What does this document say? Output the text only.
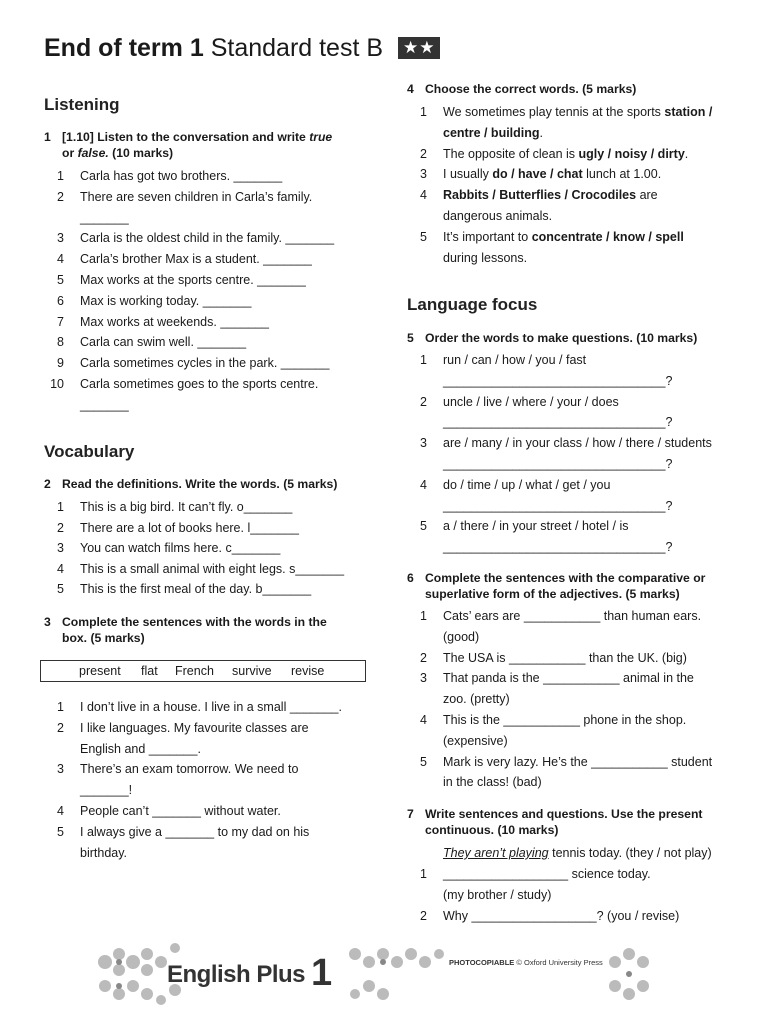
End of term 1 Standard test B ★★
Listening
1 [1.10] Listen to the conversation and write true
or false. (10 marks)
1 Carla has got two brothers. _______
2 There are seven children in Carla’s family.
_______
3 Carla is the oldest child in the family. _______
4 Carla’s brother Max is a student. _______
5 Max works at the sports centre. _______
6 Max is working today. _______
7 Max works at weekends. _______
8 Carla can swim well. _______
9 Carla sometimes cycles in the park. _______
10 Carla sometimes goes to the sports centre.
_______
Vocabulary
2 Read the definitions. Write the words. (5 marks)
1 This is a big bird. It can’t fly. o_______
2 There are a lot of books here. l_______
3 You can watch films here. c_______
4 This is a small animal with eight legs. s_______
5 This is the first meal of the day. b_______
3 Complete the sentences with the words in the
box. (5 marks)
present flat French survive revise
1 I don’t live in a house. I live in a small _______.
2 I like languages. My favourite classes are
English and _______.
3 There’s an exam tomorrow. We need to
_______!
4 People can’t _______ without water.
5 I always give a _______ to my dad on his
birthday.
4 Choose the correct words. (5 marks)
1 We sometimes play tennis at the sports station /
centre / building.
2 The opposite of clean is ugly / noisy / dirty.
3 I usually do / have / chat lunch at 1.00.
4 Rabbits / Butterflies / Crocodiles are
dangerous animals.
5 It’s important to concentrate / know / spell
during lessons.
Language focus
5 Order the words to make questions. (10 marks)
1 run / can / how / you / fast
________________________________?
2 uncle / live / where / your / does
________________________________?
3 are / many / in your class / how / there / students
________________________________?
4 do / time / up / what / get / you
________________________________?
5 a / there / in your street / hotel / is
________________________________?
6 Complete the sentences with the comparative or
superlative form of the adjectives. (5 marks)
1 Cats’ ears are ___________ than human ears.
(good)
2 The USA is ___________ than the UK. (big)
3 That panda is the ___________ animal in the
zoo. (pretty)
4 This is the ___________ phone in the shop.
(expensive)
5 Mark is very lazy. He’s the ___________ student
in the class! (bad)
7 Write sentences and questions. Use the present
continuous. (10 marks)
They aren’t playing tennis today. (they / not play)
1 __________________ science today.
(my brother / study)
2 Why __________________? (you / revise)
English Plus 1	PHOTOCOPIABLE © Oxford University Press
